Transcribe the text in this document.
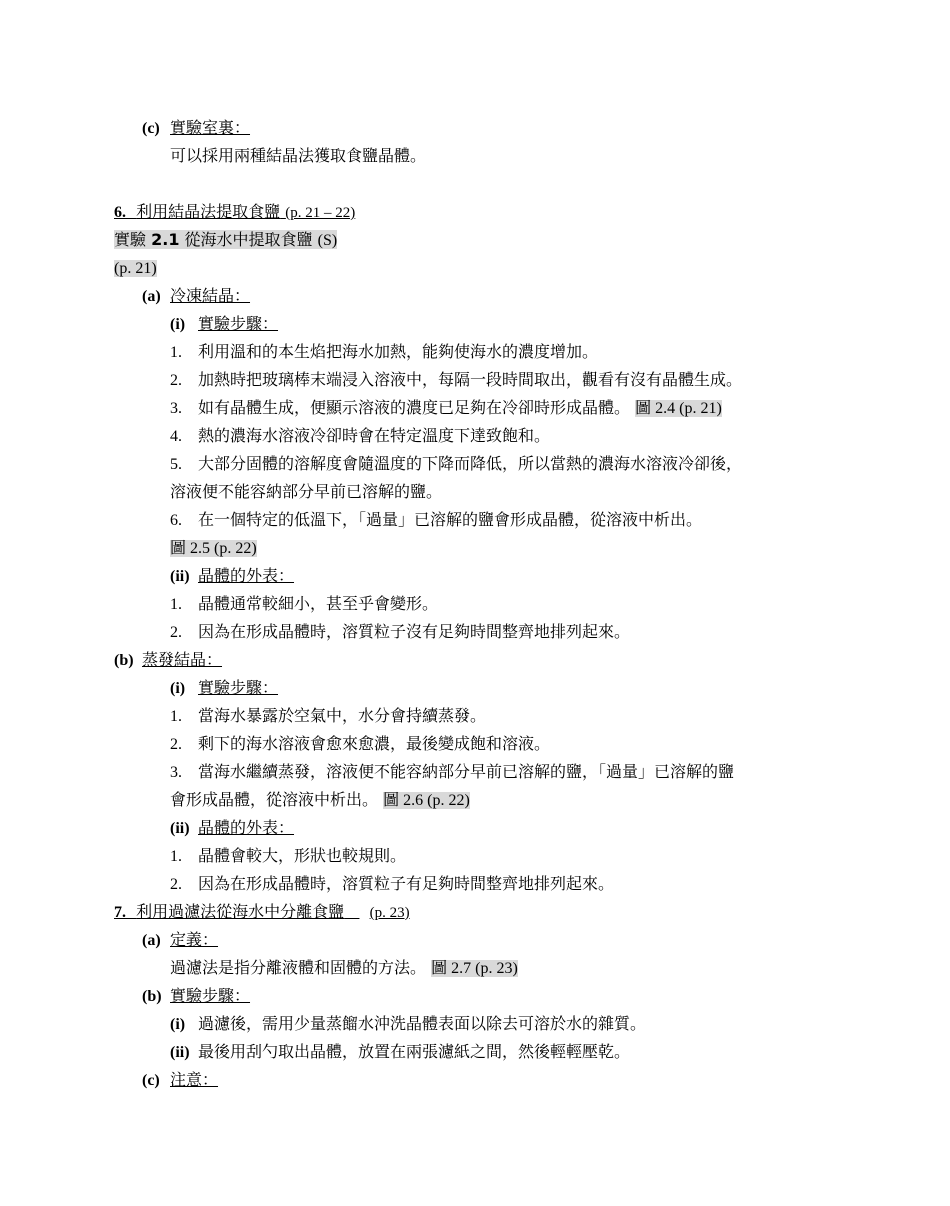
(c) 實驗室裏：
可以採用兩種結晶法獲取食鹽晶體。
6. 利用結晶法提取食鹽 (p. 21 – 22)
實驗 2.1 從海水中提取食鹽 (S)
(p. 21)
(a) 冷凍結晶：
(i) 實驗步驟：
1. 利用溫和的本生焰把海水加熱，能夠使海水的濃度增加。
2. 加熱時把玻璃棒末端浸入溶液中，每隔一段時間取出，觀看有沒有晶體生成。
3. 如有晶體生成，便顯示溶液的濃度已足夠在冷卻時形成晶體。 圖 2.4 (p. 21)
4. 熱的濃海水溶液冷卻時會在特定溫度下達致飽和。
5. 大部分固體的溶解度會隨溫度的下降而降低，所以當熱的濃海水溶液冷卻後，
溶液便不能容納部分早前已溶解的鹽。
6. 在一個特定的低溫下，「過量」已溶解的鹽會形成晶體，從溶液中析出。
圖 2.5 (p. 22)
(ii) 晶體的外表：
1. 晶體通常較細小，甚至乎會變形。
2. 因為在形成晶體時，溶質粒子沒有足夠時間整齊地排列起來。
(b) 蒸發結晶：
(i) 實驗步驟：
1. 當海水暴露於空氣中，水分會持續蒸發。
2. 剩下的海水溶液會愈來愈濃，最後變成飽和溶液。
3. 當海水繼續蒸發，溶液便不能容納部分早前已溶解的鹽，「過量」已溶解的鹽
會形成晶體，從溶液中析出。 圖 2.6 (p. 22)
(ii) 晶體的外表：
1. 晶體會較大，形狀也較規則。
2. 因為在形成晶體時，溶質粒子有足夠時間整齊地排列起來。
7. 利用過濾法從海水中分離食鹽 (p. 23)
(a) 定義：
過濾法是指分離液體和固體的方法。 圖 2.7 (p. 23)
(b) 實驗步驟：
(i) 過濾後，需用少量蒸餾水沖洗晶體表面以除去可溶於水的雜質。
(ii) 最後用刮勺取出晶體，放置在兩張濾紙之間，然後輕輕壓乾。
(c) 注意：
